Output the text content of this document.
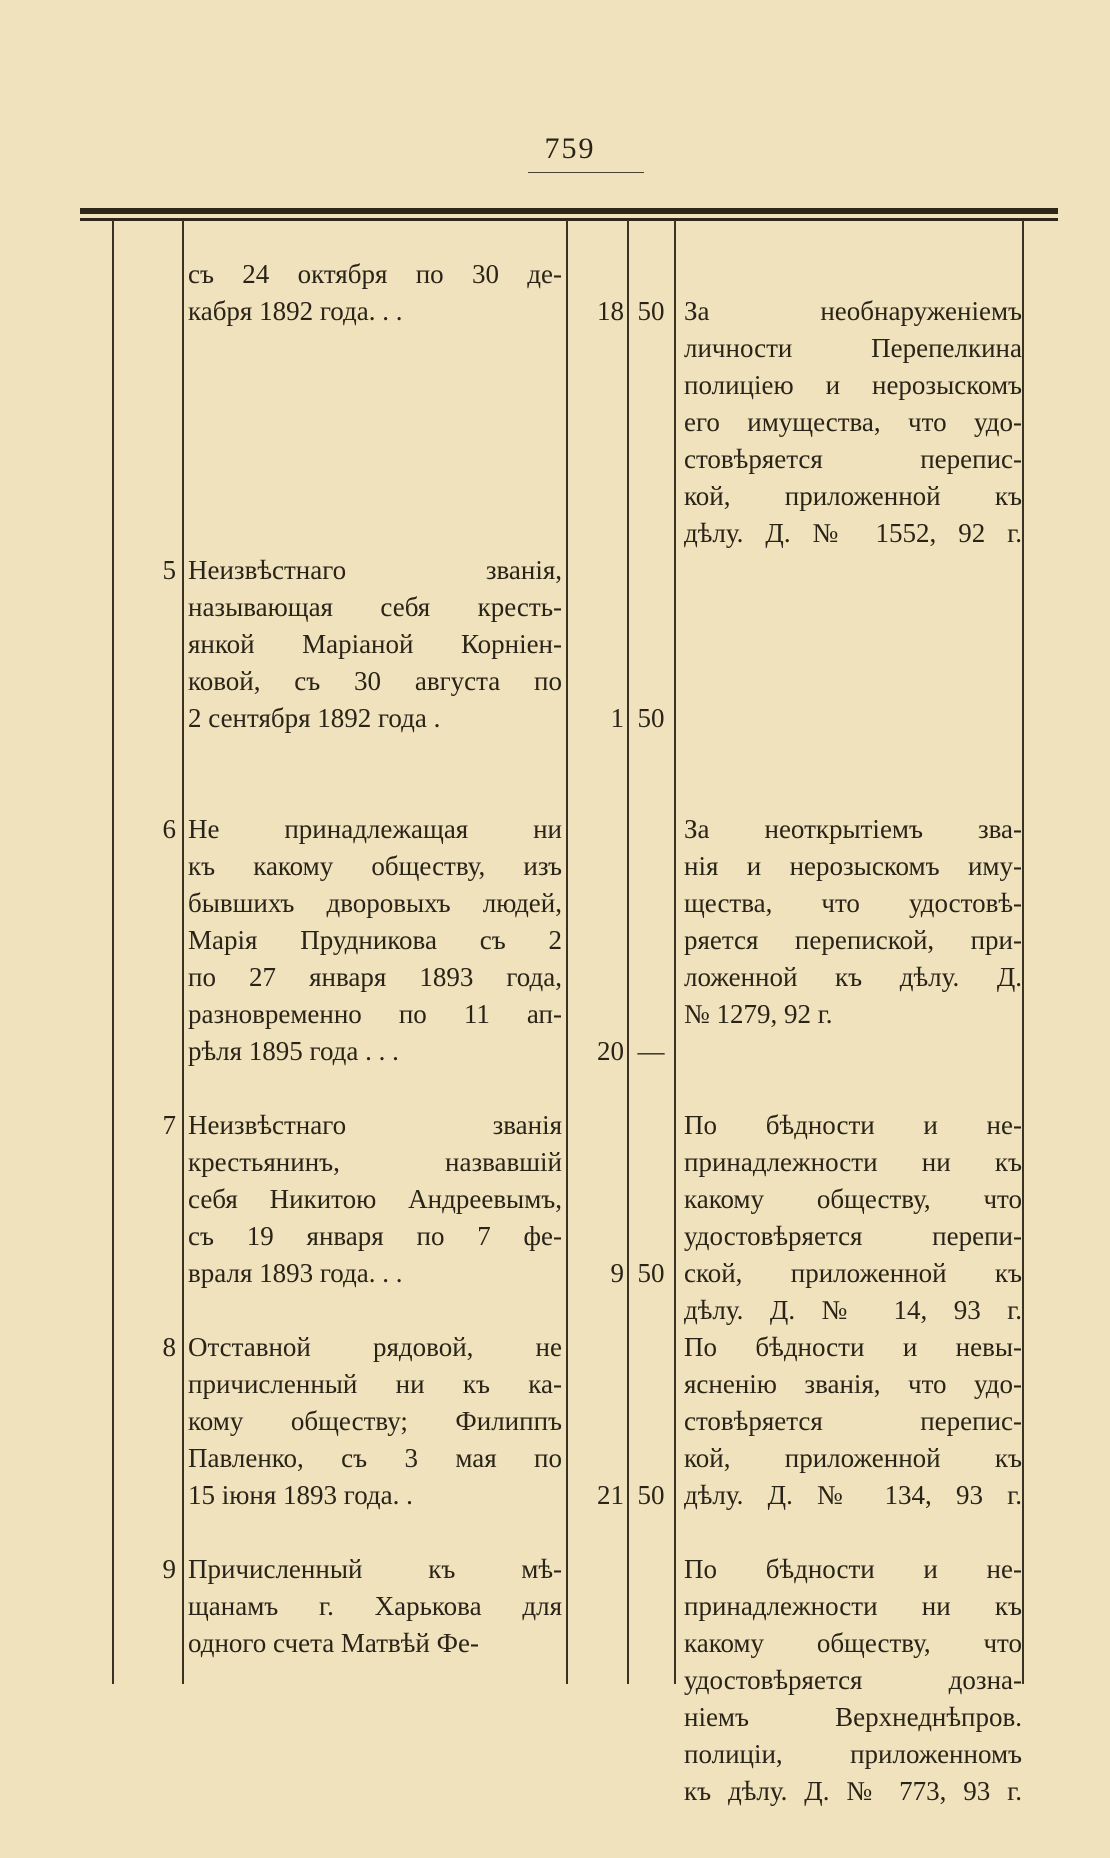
759
съ 24 октября по 30 де-
кабря 1892 года. . .	18 50 За необнаруженіемъ
личности Перепелкина
полиціею и нерозыскомъ
его имущества, что удо-
стовѣряется перепис-
кой, приложенной къ
дѣлу. Д. № 1552, 92 г.
Неизвѣстнаго званія,
называющая себя кресть-
янкой Маріаной Корніен-
ковой, съ 30 августа по
2 сентября 1892 года .
5
1 50
За неоткрытіемъ зва-
нія и нерозыскомъ иму-
щества, что удостовѣ-
ряется перепиской, при-
ложенной къ дѣлу. Д.
№ 1279, 92 г.
Не принадлежащая ни
къ какому обществу, изъ
бывшихъ дворовыхъ людей,
Марія Прудникова съ 2
по 27 января 1893 года,
разновременно по 11 ап-
рѣля 1895 года . . .
6
20 —
По бѣдности и не-
принадлежности ни къ
какому обществу, что
удостовѣряется перепи-
ской, приложенной къ
дѣлу. Д. № 14, 93 г.
Неизвѣстнаго званія
крестьянинъ, назвавшій
себя Никитою Андреевымъ,
съ 19 января по 7 фе-
враля 1893 года. . .
7
9 50
По бѣдности и невы-
ясненію званія, что удо-
стовѣряется перепис-
кой, приложенной къ
дѣлу. Д. № 134, 93 г.
Отставной рядовой, не
причисленный ни къ ка-
кому обществу; Филиппъ
Павленко, съ 3 мая по
15 іюня 1893 года. .
8
21 50
По бѣдности и не-
принадлежности ни къ
какому обществу, что
удостовѣряется дозна-
ніемъ Верхнеднѣпров.
полиціи, приложенномъ
къ дѣлу. Д. № 773, 93 г.
Причисленный къ мѣ-
щанамъ г. Харькова для
одного счета Матвѣй Фе-
9
